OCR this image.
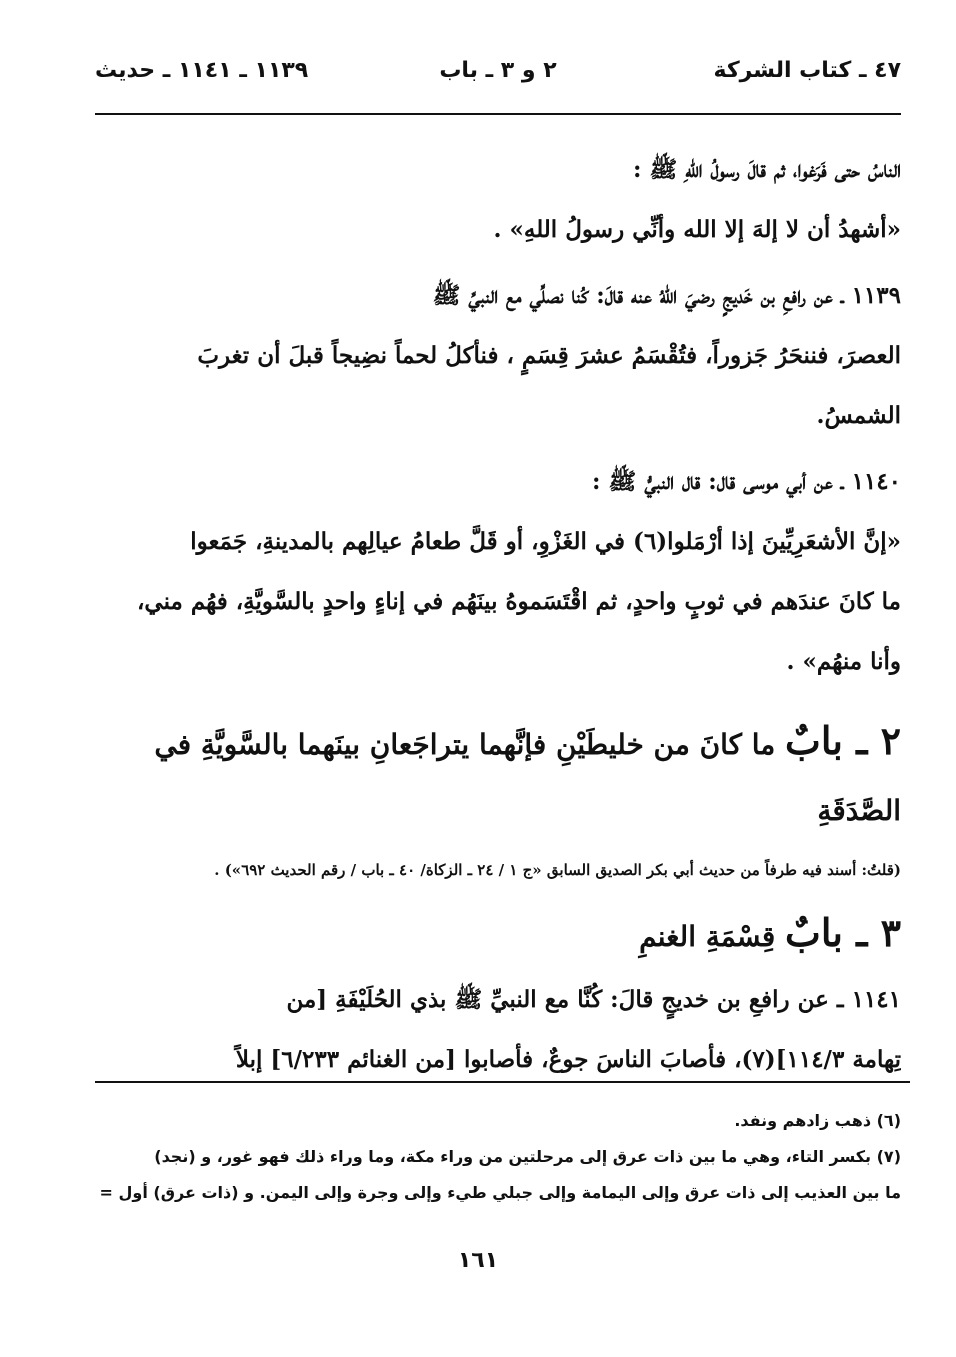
٤٧ ـ كتاب الشركة
٢ و ٣ ـ باب
١١٣٩ ـ ١١٤١ ـ حديث

الناسُ حتى فَرَغوا، ثم قالَ رسولُ اللهِ ﷺ :

«أشهدُ أن لا إلهَ إلا الله وأنِّي رسولُ اللهِ» .

١١٣٩ ـ عن رافعِ بن خَديجٍ رضيَ اللهُ عنه قالَ: كُنا نصلِّي مع النبيِّ ﷺ

العصرَ، فننحَرُ جَزوراً، فتُقْسَمُ عشرَ قِسَمٍ ، فنأكلُ لحماً نضِيجاً قبلَ أن تغربَ

الشمسُ.

١١٤٠ ـ عن أبي موسى قال: قال النبيُّ ﷺ :

«إنَّ الأشعَرِيِّينَ إذا أرْمَلوا(٦) في الغَزْوِ، أو قَلَّ طعامُ عيالِهم بالمدينةِ، جَمَعوا

ما كانَ عندَهم في ثوبٍ واحدٍ، ثم اقْتَسَموهُ بينَهُم في إناءٍ واحدٍ بالسَّويَّةِ، فهُم مني،

وأنا منهُم» .

٢ ـ بابٌ ما كانَ من خليطَيْنِ فإنَّهما يتراجَعانِ بينَهما بالسَّويَّةِ في

الصَّدَقَةِ

(قلتُ: أسند فيه طرفاً من حديث أبي بكر الصديق السابق «ج ١ / ٢٤ ـ الزكاة/ ٤٠ ـ باب / رقم الحديث ٦٩٢») .

٣ ـ بابٌ قِسْمَةِ الغنمِ

١١٤١ ـ عن رافعِ بن خديجٍ قالَ: كُنَّا مع النبيِّ ﷺ بذي الحُلَيْفَةِ [من

تِهامة ١١٤/٣](٧)، فأصابَ الناسَ جوعٌ، فأصابوا [من الغنائم ٦/٢٣٣] إبلاً

(٦) ذهب زادهم ونفد.

(٧) بكسر التاء، وهي ما بين ذات عرق إلى مرحلتين من وراء مكة، وما وراء ذلك فهو غور، و (نجد)

ما بين العذيب إلى ذات عرق وإلى اليمامة وإلى جبلي طيء وإلى وجرة وإلى اليمن. و (ذات عرق) أول =

١٦١
